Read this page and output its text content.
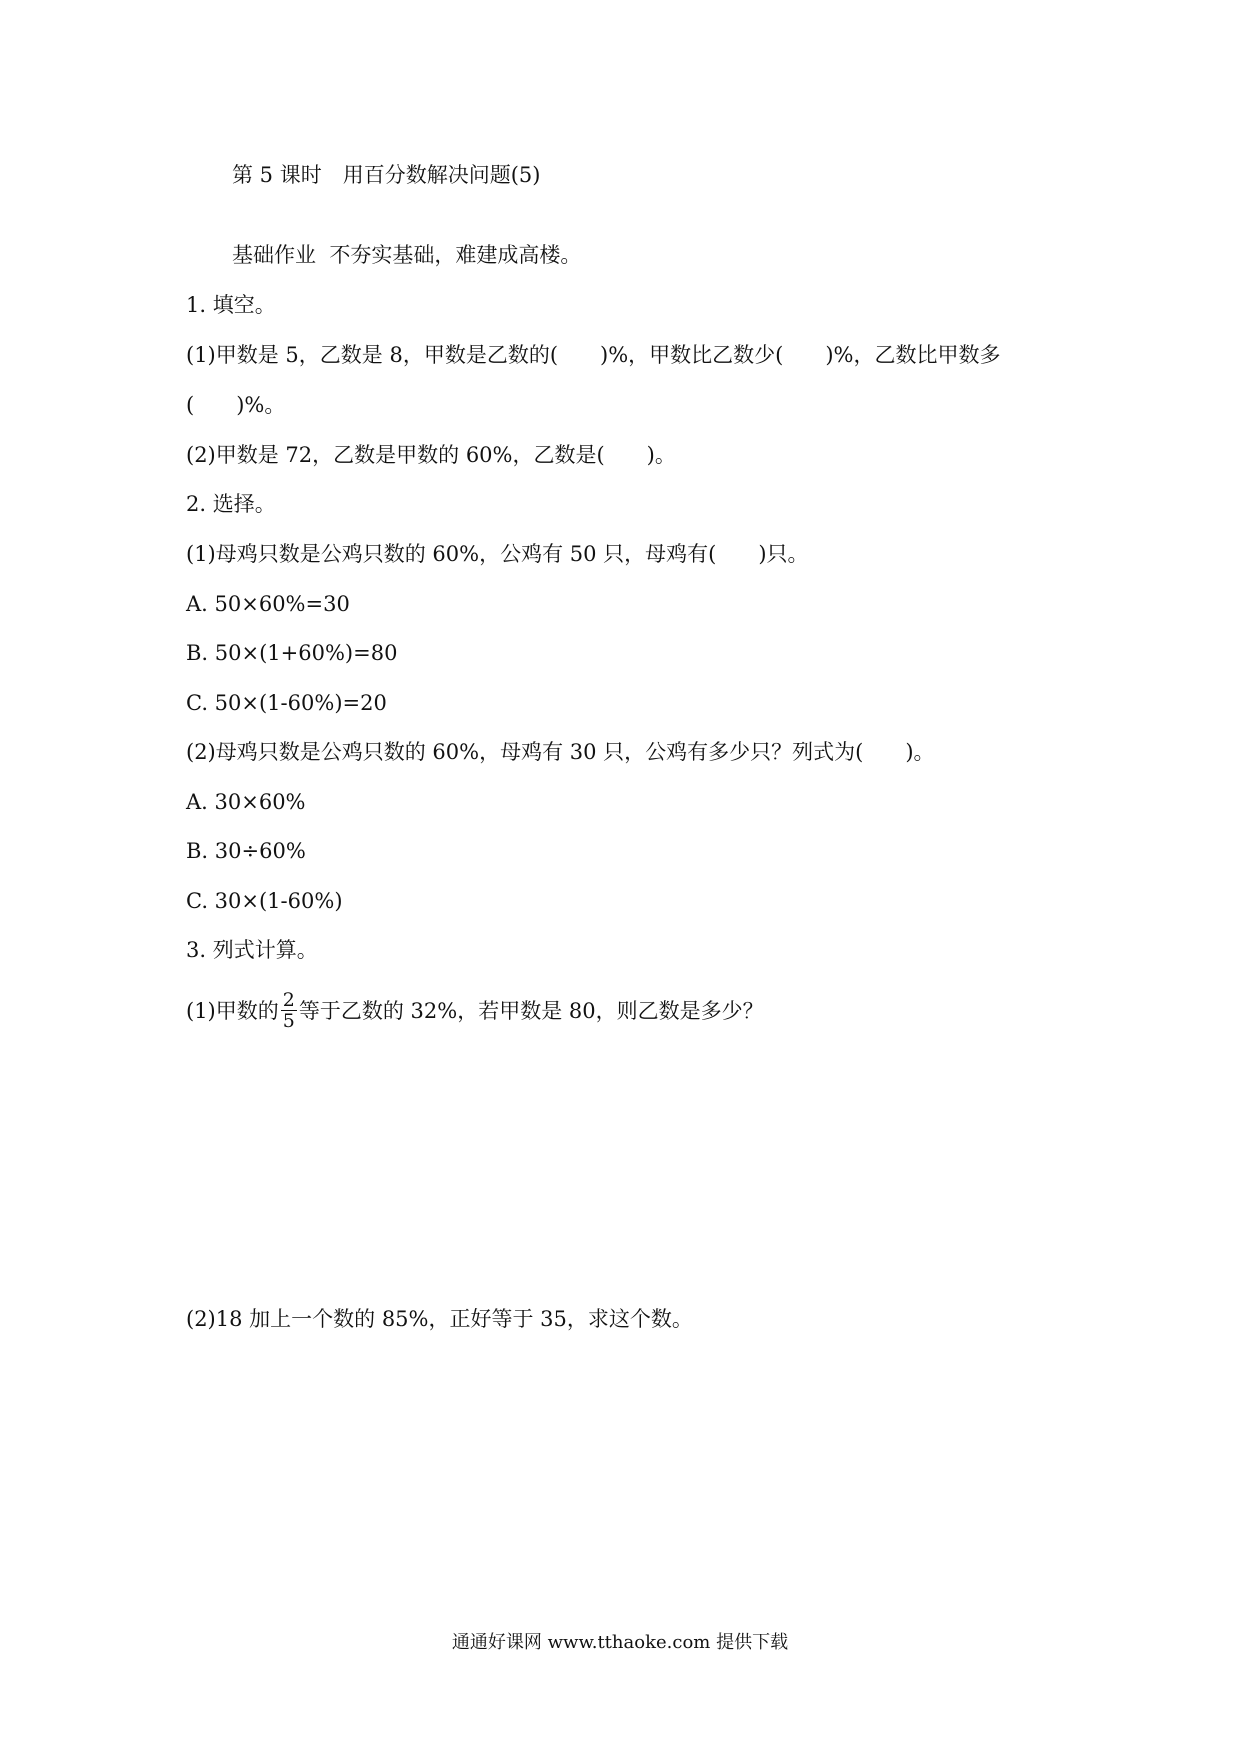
第 5 课时　用百分数解决问题(5)
基础作业  不夯实基础，难建成高楼。
1. 填空。
(1)甲数是 5，乙数是 8，甲数是乙数的(　　)%，甲数比乙数少(　　)%，乙数比甲数多
(　　)%。
(2)甲数是 72，乙数是甲数的 60%，乙数是(　　)。
2. 选择。
(1)母鸡只数是公鸡只数的 60%，公鸡有 50 只，母鸡有(　　)只。
A. 50×60%=30
B. 50×(1+60%)=80
C. 50×(1-60%)=20
(2)母鸡只数是公鸡只数的 60%，母鸡有 30 只，公鸡有多少只？列式为(　　)。
A. 30×60%
B. 30÷60%
C. 30×(1-60%)
3. 列式计算。
(1)甲数的 $\frac{2}{5}$ 等于乙数的 32%，若甲数是 80，则乙数是多少？
(2)18 加上一个数的 85%，正好等于 35，求这个数。
通通好课网 www.tthaoke.com 提供下载
